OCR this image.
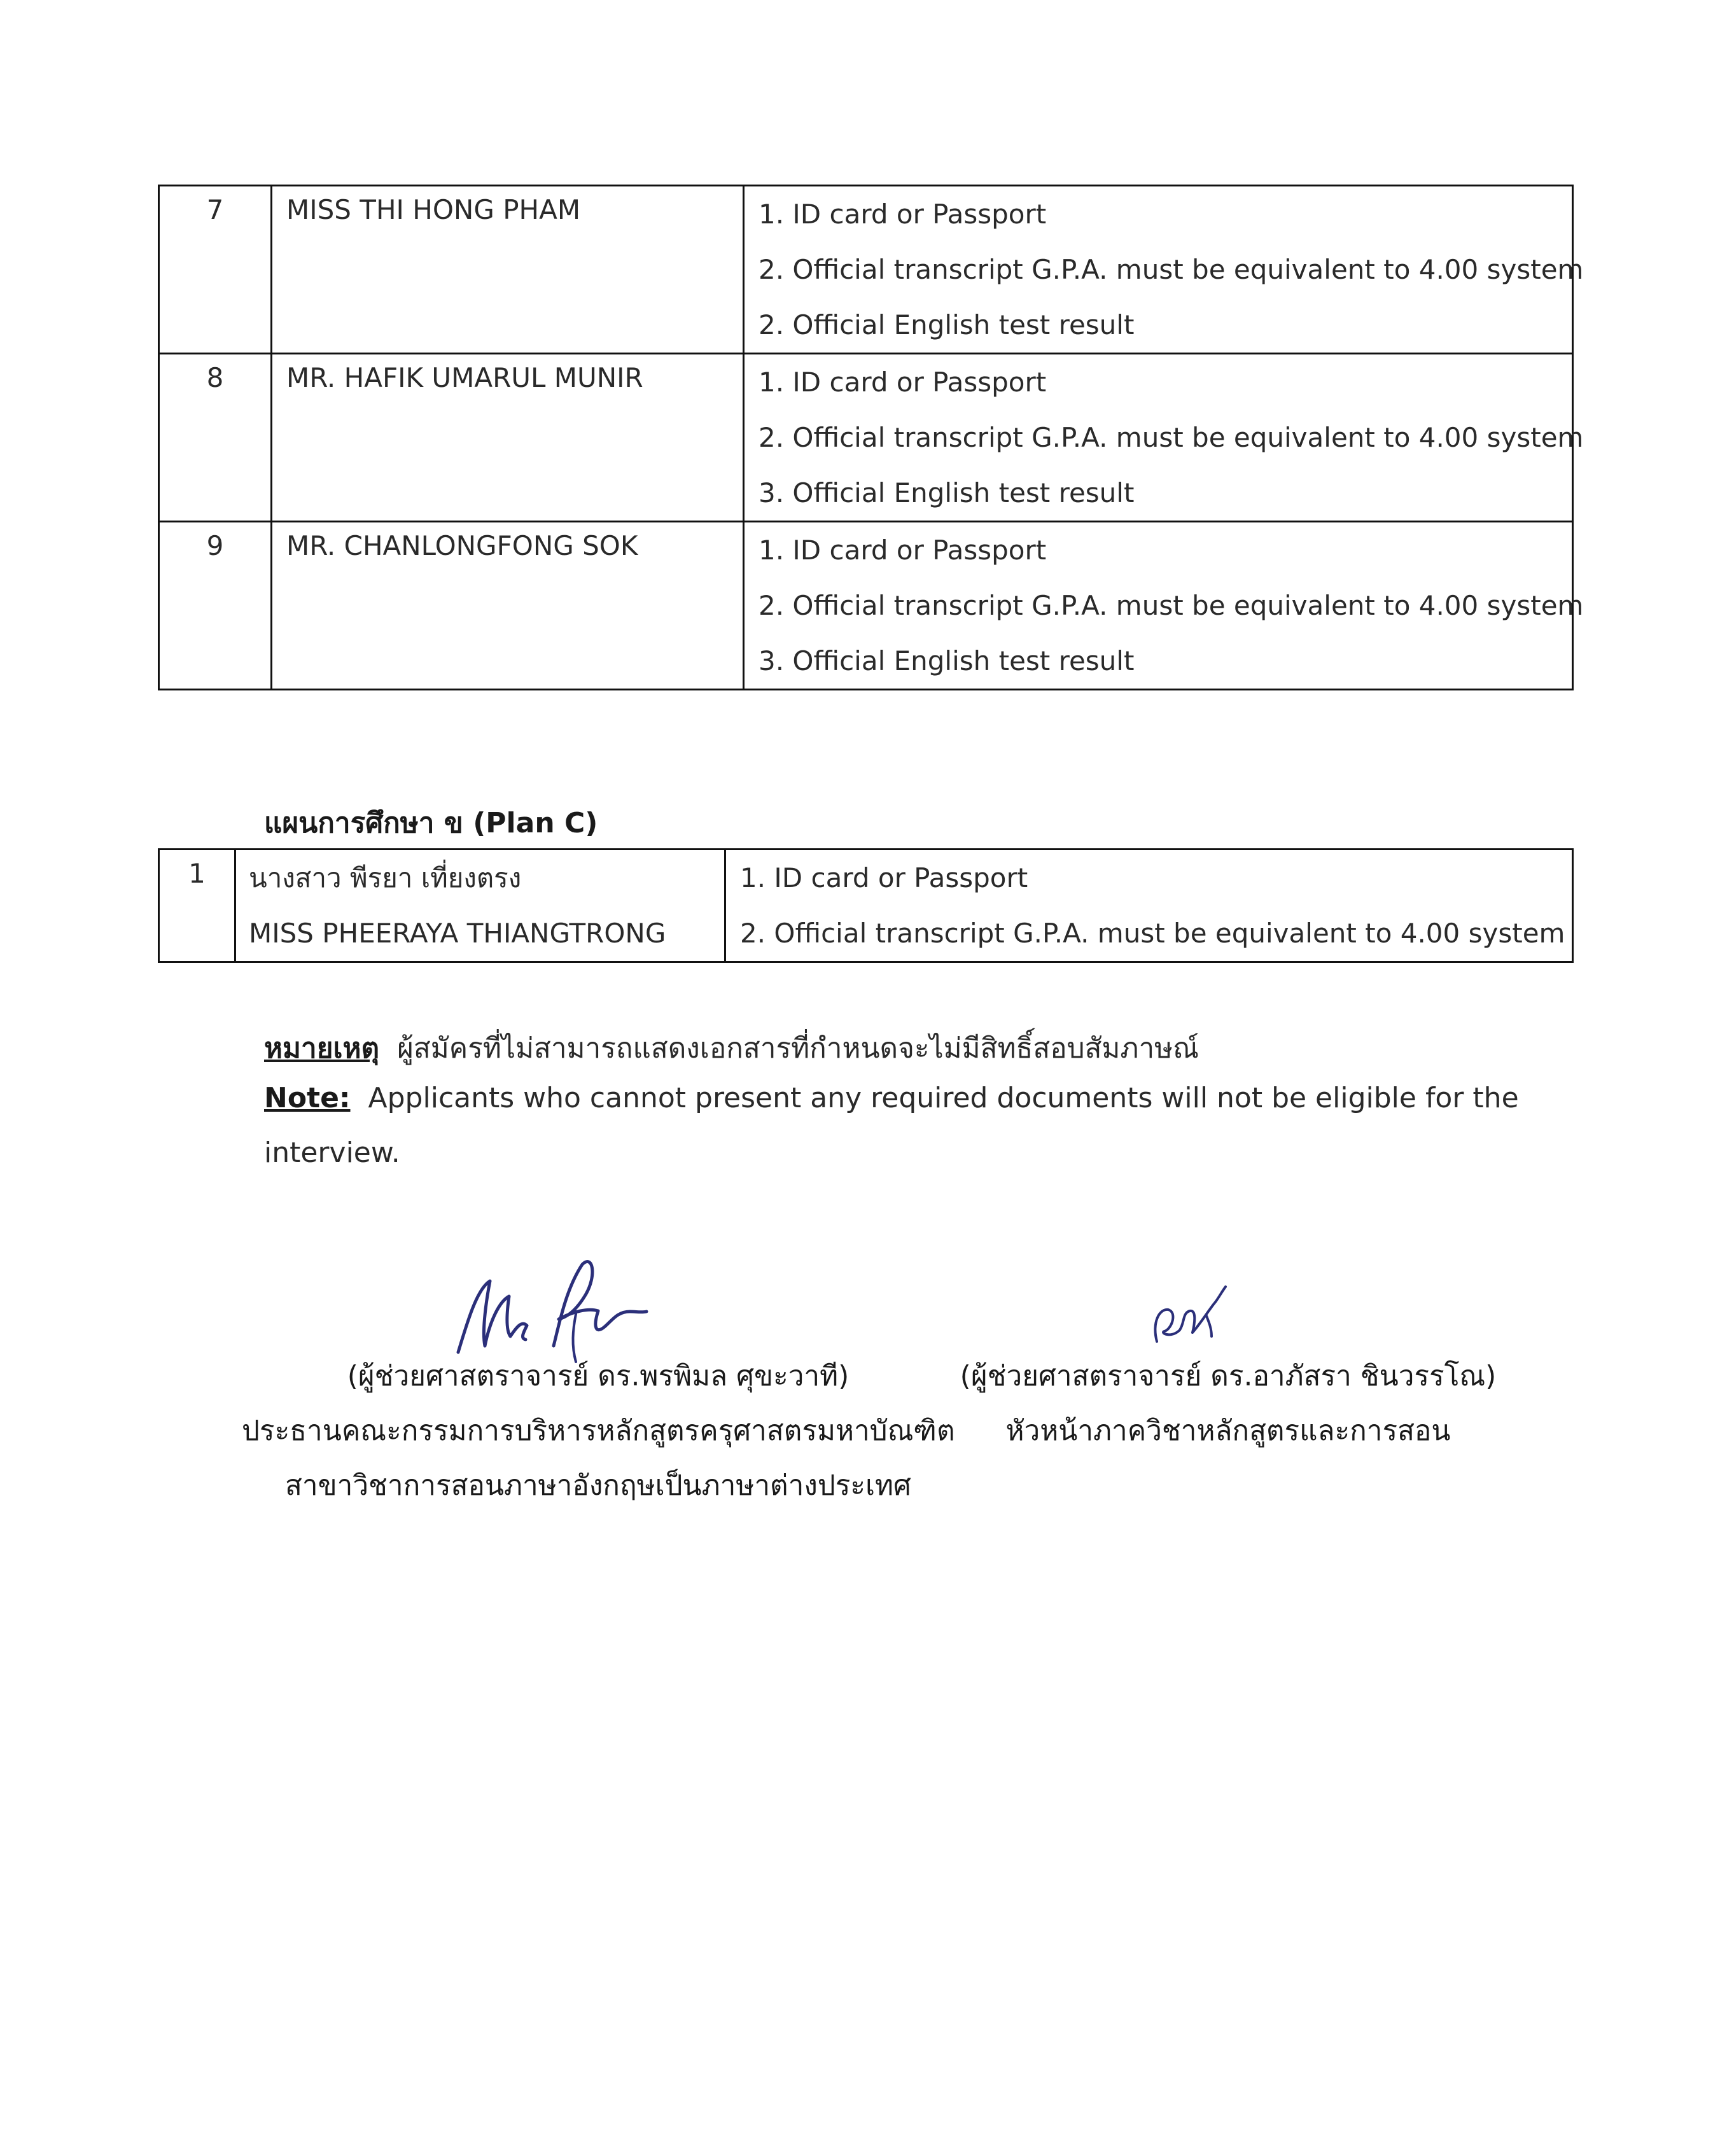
7	MISS THI HONG PHAM	1. ID card or Passport
2. Official transcript G.P.A. must be equivalent to 4.00 system
2. Official English test result

8	MR. HAFIK UMARUL MUNIR	1. ID card or Passport
2. Official transcript G.P.A. must be equivalent to 4.00 system
3. Official English test result

9	MR. CHANLONGFONG SOK	1. ID card or Passport
2. Official transcript G.P.A. must be equivalent to 4.00 system
3. Official English test result
แผนการศึกษา ข (Plan C)
1	นางสาว พีรยา เที่ยงตรง
MISS PHEERAYA THIANGTRONG

1. ID card or Passport
2. Official transcript G.P.A. must be equivalent to 4.00 system
หมายเหตุ ผู้สมัครที่ไม่สามารถแสดงเอกสารที่กำหนดจะไม่มีสิทธิ์สอบสัมภาษณ์
Note: Applicants who cannot present any required documents will not be eligible for the
interview.
(ผู้ช่วยศาสตราจารย์ ดร.พรพิมล ศุขะวาที)
ประธานคณะกรรมการบริหารหลักสูตรครุศาสตรมหาบัณฑิต
สาขาวิชาการสอนภาษาอังกฤษเป็นภาษาต่างประเทศ
(ผู้ช่วยศาสตราจารย์ ดร.อาภัสรา ชินวรรโณ)
หัวหน้าภาควิชาหลักสูตรและการสอน
